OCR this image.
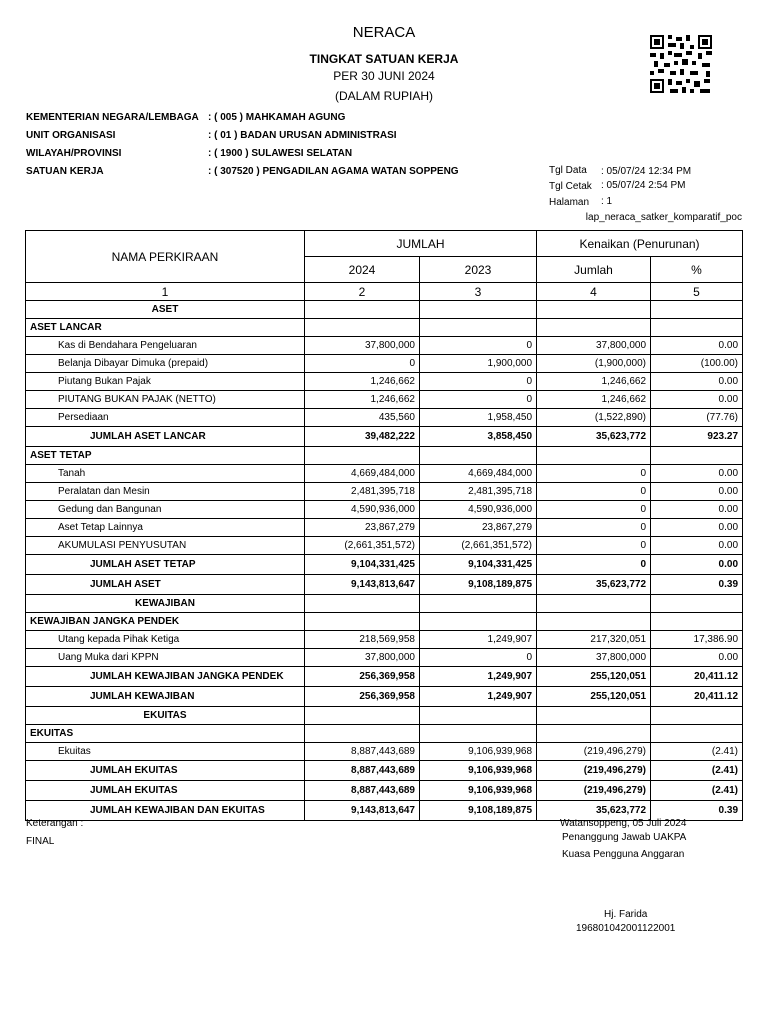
NERACA
TINGKAT SATUAN KERJA
PER 30 JUNI 2024
(DALAM RUPIAH)
KEMENTERIAN NEGARA/LEMBAGA : ( 005 ) MAHKAMAH AGUNG
UNIT ORGANISASI	: ( 01 ) BADAN URUSAN ADMINISTRASI
WILAYAH/PROVINSI	: ( 1900 ) SULAWESI SELATAN
SATUAN KERJA	: ( 307520 ) PENGADILAN AGAMA WATAN SOPPENG	Tgl Data : 05/07/24 12:34 PM
Tgl Cetak : 05/07/24 2:54 PM
Halaman : 1
lap_neraca_satker_komparatif_poc
NAMA PERKIRAAN	JUMLAH		Kenaikan (Penurunan)	
	2024	2023	Jumlah	%
1	2	3	4	5
ASET				
ASET LANCAR				
Kas di Bendahara Pengeluaran	37,800,000	0	37,800,000	0.00
Belanja Dibayar Dimuka (prepaid)	0	1,900,000	(1,900,000)	(100.00)
Piutang Bukan Pajak	1,246,662	0	1,246,662	0.00
PIUTANG BUKAN PAJAK (NETTO)	1,246,662	0	1,246,662	0.00
Persediaan	435,560	1,958,450	(1,522,890)	(77.76)
JUMLAH ASET LANCAR	39,482,222	3,858,450	35,623,772	923.27
ASET TETAP				
Tanah	4,669,484,000	4,669,484,000	0	0.00
Peralatan dan Mesin	2,481,395,718	2,481,395,718	0	0.00
Gedung dan Bangunan	4,590,936,000	4,590,936,000	0	0.00
Aset Tetap Lainnya	23,867,279	23,867,279	0	0.00
AKUMULASI PENYUSUTAN	(2,661,351,572)	(2,661,351,572)	0	0.00
JUMLAH ASET TETAP	9,104,331,425	9,104,331,425	0	0.00
JUMLAH ASET	9,143,813,647	9,108,189,875	35,623,772	0.39
KEWAJIBAN				
KEWAJIBAN JANGKA PENDEK				
Utang kepada Pihak Ketiga	218,569,958	1,249,907	217,320,051	17,386.90
Uang Muka dari KPPN	37,800,000	0	37,800,000	0.00
JUMLAH KEWAJIBAN JANGKA PENDEK	256,369,958	1,249,907	255,120,051	20,411.12
JUMLAH KEWAJIBAN	256,369,958	1,249,907	255,120,051	20,411.12
EKUITAS				
EKUITAS				
Ekuitas	8,887,443,689	9,106,939,968	(219,496,279)	(2.41)
JUMLAH EKUITAS	8,887,443,689	9,106,939,968	(219,496,279)	(2.41)
JUMLAH EKUITAS	8,887,443,689	9,106,939,968	(219,496,279)	(2.41)
JUMLAH KEWAJIBAN DAN EKUITAS	9,143,813,647	9,108,189,875	35,623,772	0.39
Keterangan :
FINAL
Watansoppeng, 05 Juli 2024
Penanggung Jawab UAKPA
Kuasa Pengguna Anggaran
Hj. Farida
196801042001122001
